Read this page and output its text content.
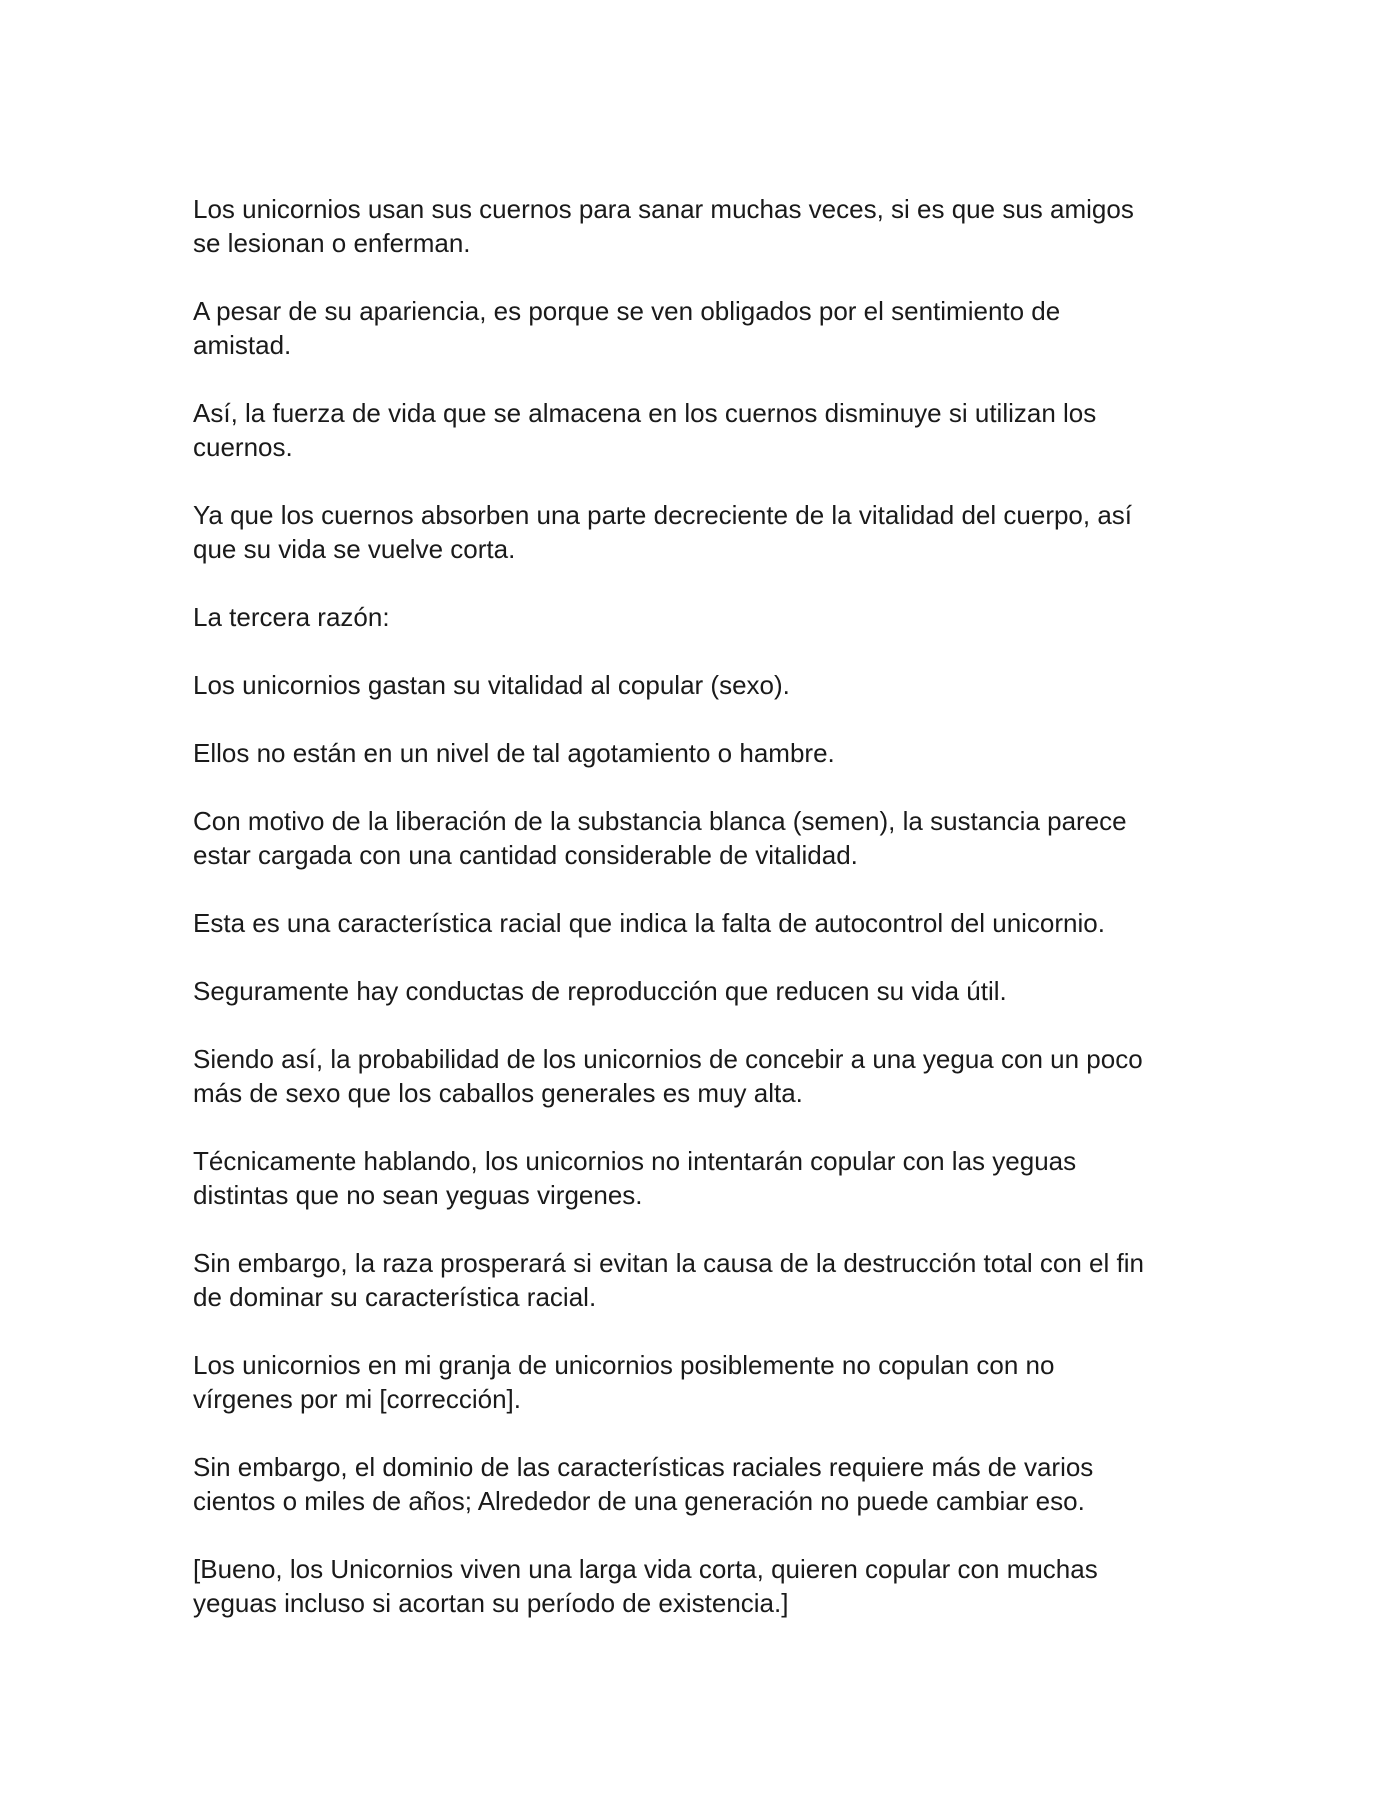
Los unicornios usan sus cuernos para sanar muchas veces, si es que sus amigos
se lesionan o enferman.

A pesar de su apariencia, es porque se ven obligados por el sentimiento de
amistad.

Así, la fuerza de vida que se almacena en los cuernos disminuye si utilizan los
cuernos.

Ya que los cuernos absorben una parte decreciente de la vitalidad del cuerpo, así
que su vida se vuelve corta.

La tercera razón:

Los unicornios gastan su vitalidad al copular (sexo).

Ellos no están en un nivel de tal agotamiento o hambre.

Con motivo de la liberación de la substancia blanca (semen), la sustancia parece
estar cargada con una cantidad considerable de vitalidad.

Esta es una característica racial que indica la falta de autocontrol del unicornio.

Seguramente hay conductas de reproducción que reducen su vida útil.

Siendo así, la probabilidad de los unicornios de concebir a una yegua con un poco
más de sexo que los caballos generales es muy alta.

Técnicamente hablando, los unicornios no intentarán copular con las yeguas
distintas que no sean yeguas virgenes.

Sin embargo, la raza prosperará si evitan la causa de la destrucción total con el fin
de dominar su característica racial.

Los unicornios en mi granja de unicornios posiblemente no copulan con no
vírgenes por mi [corrección].

Sin embargo, el dominio de las características raciales requiere más de varios
cientos o miles de años; Alrededor de una generación no puede cambiar eso.

[Bueno, los Unicornios viven una larga vida corta, quieren copular con muchas
yeguas incluso si acortan su período de existencia.]
